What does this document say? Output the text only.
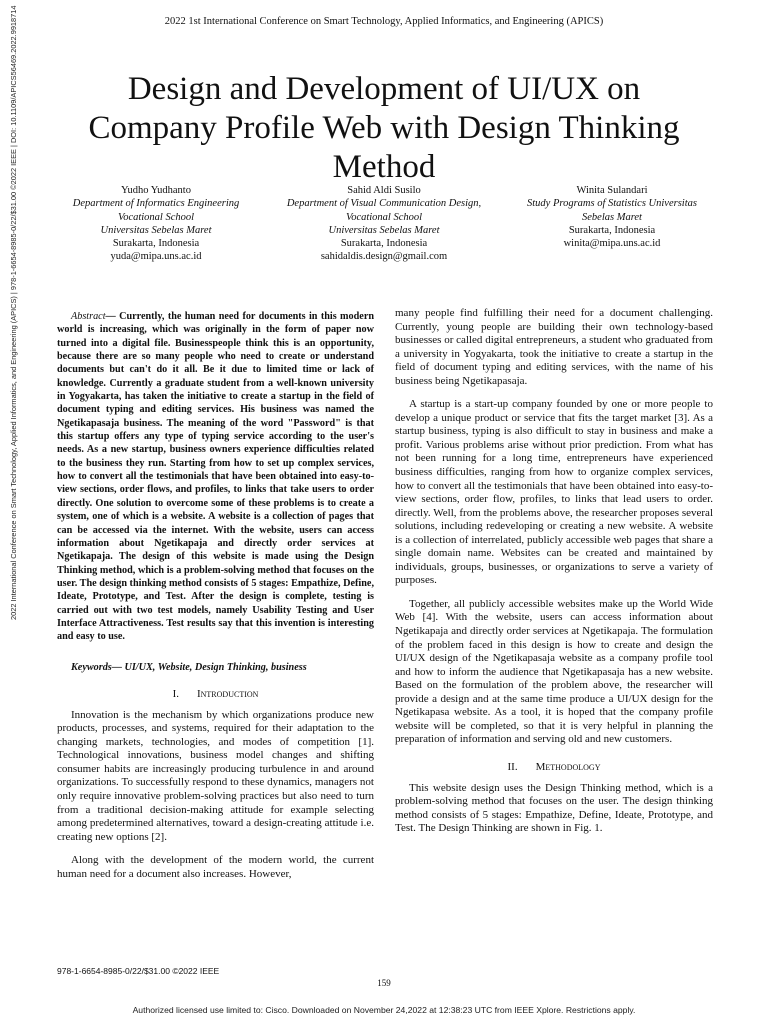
2022 1st International Conference on Smart Technology, Applied Informatics, and Engineering (APICS)
2022 International Conference on Smart Technology, Applied Informatics, and Engineering (APICS) | 978-1-6654-8985-0/22/$31.00 ©2022 IEEE | DOI: 10.1109/APICS56469.2022.9918714	Design and Development of UI/UX on Company Profile Web with Design Thinking Method
Yudho Yudhanto
Department of Informatics Engineering Vocational School
Universitas Sebelas Maret
Surakarta, Indonesia
yuda@mipa.uns.ac.id
Sahid Aldi Susilo
Department of Visual Communication Design, Vocational School
Universitas Sebelas Maret
Surakarta, Indonesia
sahidaldis.design@gmail.com
Winita Sulandari
Study Programs of Statistics Universitas Sebelas Maret
Surakarta, Indonesia
winita@mipa.uns.ac.id

Abstract— Currently, the human need for documents in this modern world is increasing, which was originally in the form of paper now turned into a digital file. Businesspeople think this is an opportunity, because there are so many people who need to create or understand documents but can't do it all. Be it due to limited time or lack of knowledge. Currently a graduate student from a well-known university in Yogyakarta, has taken the initiative to create a startup in the field of document typing and editing services. His business was named the Ngetikapasaja business. The meaning of the word "Password" is that this startup offers any type of typing service according to the user's needs. As a new startup, business owners experience difficulties related to the business they run. Starting from how to set up complex services, how to convert all the testimonials that have been obtained into easy-to-view sections, order flows, and profiles, to links that take users to order directly. One solution to overcome some of these problems is to create a system, one of which is a website. A website is a collection of pages that can be accessed via the internet. With the website, users can access information about Ngetikapaja and directly order services at Ngetikapaja. The design of this website is made using the Design Thinking method, which is a problem-solving method that focuses on the user. The design thinking method consists of 5 stages: Empathize, Define, Ideate, Prototype, and Test. After the design is complete, testing is carried out with two test models, namely Usability Testing and User Interface Attractiveness. Test results say that this invention is interesting and easy to use.

Keywords— UI/UX, Website, Design Thinking, business

I. Introduction

Innovation is the mechanism by which organizations produce new products, processes, and systems, required for their adaptation to the changing markets, technologies, and modes of competition [1]. Technological innovations, business model changes and shifting consumer habits are increasingly producing turbulence in and around organizations. To successfully respond to these dynamics, managers not only require innovative problem-solving practices but also need to turn from a traditional decision-making attitude for example selecting among predetermined alternatives, toward a design-creating attitude i.e. creating new options [2].

Along with the development of the modern world, the current human need for a document also increases. However,

many people find fulfilling their need for a document challenging. Currently, young people are building their own technology-based businesses or called digital entrepreneurs, a student who graduated from a university in Yogyakarta, took the initiative to create a startup in the field of document typing and editing services, with the name of his business being Ngetikapasaja.

A startup is a start-up company founded by one or more people to develop a unique product or service that fits the target market [3]. As a startup business, typing is also difficult to stay in business and make a profit. Various problems arise without prior prediction. From what has not been running for a long time, entrepreneurs have experienced business difficulties, ranging from how to organize complex services, how to convert all the testimonials that have been obtained into easy-to-view sections, order flow, profiles, to links that lead users to order. directly. Well, from the problems above, the researcher proposes several solutions, including redeveloping or creating a new website. A website is a collection of interrelated, publicly accessible web pages that share a single domain name. Websites can be created and maintained by individuals, groups, businesses, or organizations to serve a variety of purposes.

Together, all publicly accessible websites make up the World Wide Web [4]. With the website, users can access information about Ngetikapaja and directly order services at Ngetikapaja. The formulation of the problem faced in this design is how to create and design the UI/UX design of the Ngetikapasaja website as a company profile tool and how to inform the audience that Ngetikapasaja has a new website. Based on the formulation of the problem above, the researcher will provide a design and at the same time produce a UI/UX design for the Ngetikapasa website. As a tool, it is hoped that the company profile website will be completed, so that it is very helpful in planning the preparation of information and serving old and new customers.

II. Methodology

This website design uses the Design Thinking method, which is a problem-solving method that focuses on the user. The design thinking method consists of 5 stages: Empathize, Define, Ideate, Prototype, and Test. The Design Thinking are shown in Fig. 1.

978-1-6654-8985-0/22/$31.00 ©2022 IEEE
159
Authorized licensed use limited to: Cisco. Downloaded on November 24,2022 at 12:38:23 UTC from IEEE Xplore. Restrictions apply.
